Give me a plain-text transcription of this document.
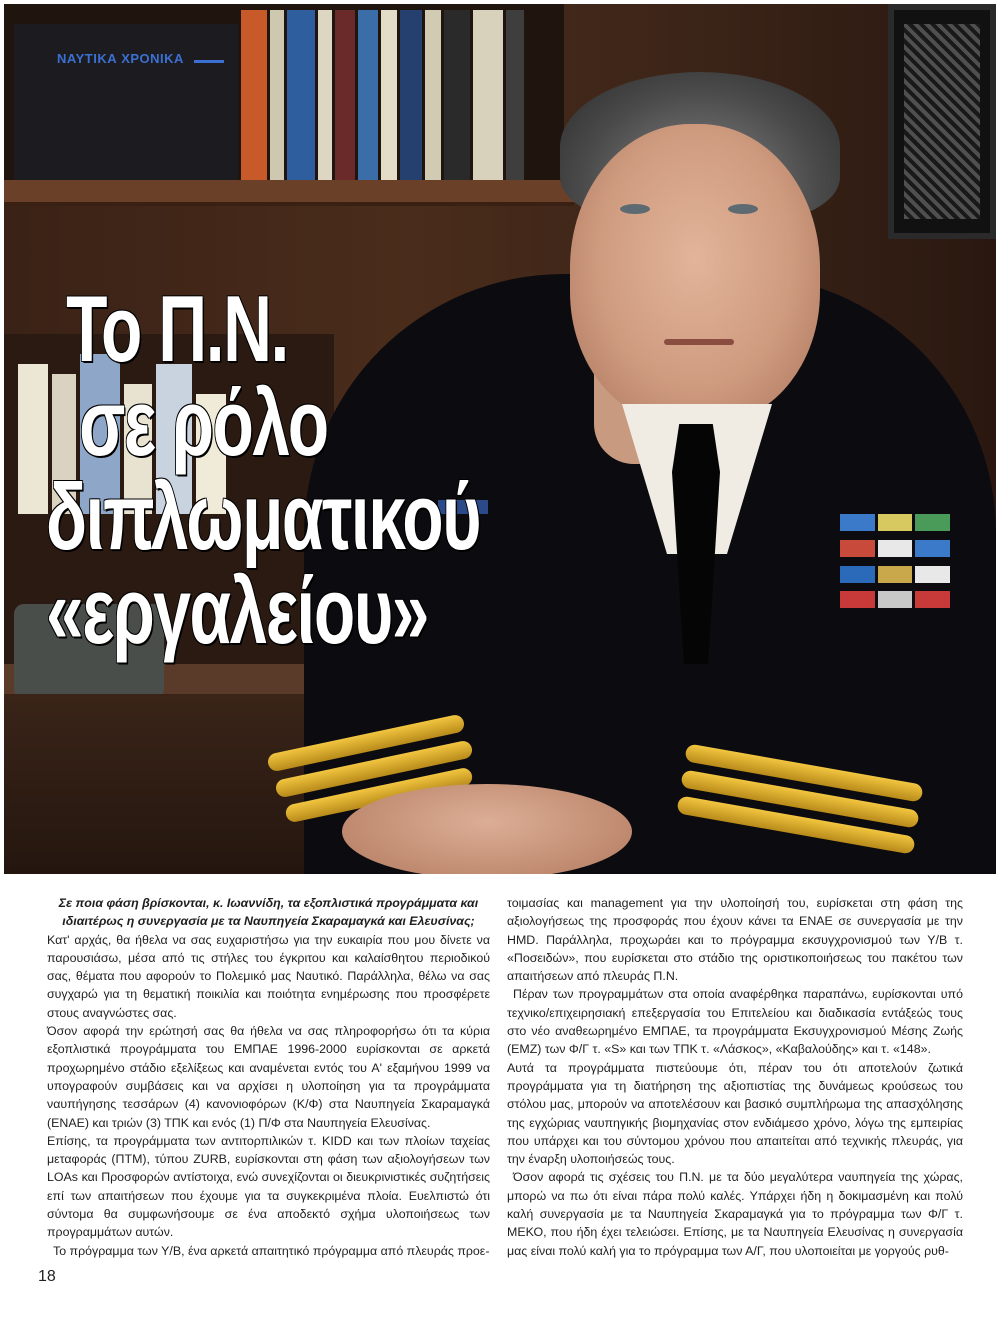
ΝΑΥΤΙΚΑ ΧΡΟΝΙΚΑ
Το Π.Ν.
σε ρόλο
διπλωματικού
«εργαλείου»

Σε ποια φάση βρίσκονται, κ. Ιωαννίδη, τα εξοπλιστικά προγράμματα και ιδιαιτέρως η συνεργασία με τα Ναυπηγεία Σκαραμαγκά και Ελευσίνας;

Κατ' αρχάς, θα ήθελα να σας ευχαριστήσω για την ευκαιρία που μου δίνετε να παρουσιάσω, μέσα από τις στήλες του έγκριτου και καλαίσθητου περιοδικού σας, θέματα που αφορούν το Πολεμικό μας Ναυτικό. Παράλληλα, θέλω να σας συγχαρώ για τη θεματική ποικιλία και ποιότητα ενημέρωσης που προσφέρετε στους αναγνώστες σας.

Όσον αφορά την ερώτησή σας θα ήθελα να σας πληροφορήσω ότι τα κύρια εξοπλιστικά προγράμματα του ΕΜΠΑΕ 1996-2000 ευρίσκονται σε αρκετά προχωρημένο στάδιο εξελίξεως και αναμένεται εντός του Α' εξαμήνου 1999 να υπογραφούν συμβάσεις και να αρχίσει η υλοποίηση για τα προγράμματα ναυπήγησης τεσσάρων (4) κανονιοφόρων (Κ/Φ) στα Ναυπηγεία Σκαραμαγκά (ΕΝΑΕ) και τριών (3) ΤΠΚ και ενός (1) Π/Φ στα Ναυπηγεία Ελευσίνας.

Επίσης, τα προγράμματα των αντιτορπιλικών τ. KIDD και των πλοίων ταχείας μεταφοράς (ΠΤΜ), τύπου ZURB, ευρίσκονται στη φάση των αξιολογήσεων των LOAs και Προσφορών αντίστοιχα, ενώ συνεχίζονται οι διευκρινιστικές συζητήσεις επί των απαιτήσεων που έχουμε για τα συγκεκριμένα πλοία. Ευελπιστώ ότι σύντομα θα συμφωνήσουμε σε ένα αποδεκτό σχήμα υλοποιήσεως των προγραμμάτων αυτών.

Το πρόγραμμα των Υ/Β, ένα αρκετά απαιτητικό πρόγραμμα από πλευράς προε-

τοιμασίας και management για την υλοποίησή του, ευρίσκεται στη φάση της αξιολογήσεως της προσφοράς που έχουν κάνει τα ΕΝΑΕ σε συνεργασία με την HMD. Παράλληλα, προχωράει και το πρόγραμμα εκσυγχρονισμού των Υ/Β τ. «Ποσειδών», που ευρίσκεται στο στάδιο της οριστικοποιήσεως του πακέτου των απαιτήσεων από πλευράς Π.Ν.

Πέραν των προγραμμάτων στα οποία αναφέρθηκα παραπάνω, ευρίσκονται υπό τεχνικο/επιχειρησιακή επεξεργασία του Επιτελείου και διαδικασία εντάξεώς τους στο νέο αναθεωρημένο ΕΜΠΑΕ, τα προγράμματα Εκσυγχρονισμού Μέσης Ζωής (ΕΜΖ) των Φ/Γ τ. «S» και των ΤΠΚ τ. «Λάσκος», «Καβαλούδης» και τ. «148».

Αυτά τα προγράμματα πιστεύουμε ότι, πέραν του ότι αποτελούν ζωτικά προγράμματα για τη διατήρηση της αξιοπιστίας της δυνάμεως κρούσεως του στόλου μας, μπορούν να αποτελέσουν και βασικό συμπλήρωμα της απασχόλησης της εγχώριας ναυπηγικής βιομηχανίας στον ενδιάμεσο χρόνο, λόγω της εμπειρίας που υπάρχει και του σύντομου χρόνου που απαιτείται από τεχνικής πλευράς, για την έναρξη υλοποιήσεώς τους.

Όσον αφορά τις σχέσεις του Π.Ν. με τα δύο μεγαλύτερα ναυπηγεία της χώρας, μπορώ να πω ότι είναι πάρα πολύ καλές. Υπάρχει ήδη η δοκιμασμένη και πολύ καλή συνεργασία με τα Ναυπηγεία Σκαραμαγκά για το πρόγραμμα των Φ/Γ τ. ΜΕΚΟ, που ήδη έχει τελειώσει. Επίσης, με τα Ναυπηγεία Ελευσίνας η συνεργασία μας είναι πολύ καλή για το πρόγραμμα των Α/Γ, που υλοποιείται με γοργούς ρυθ-

18
